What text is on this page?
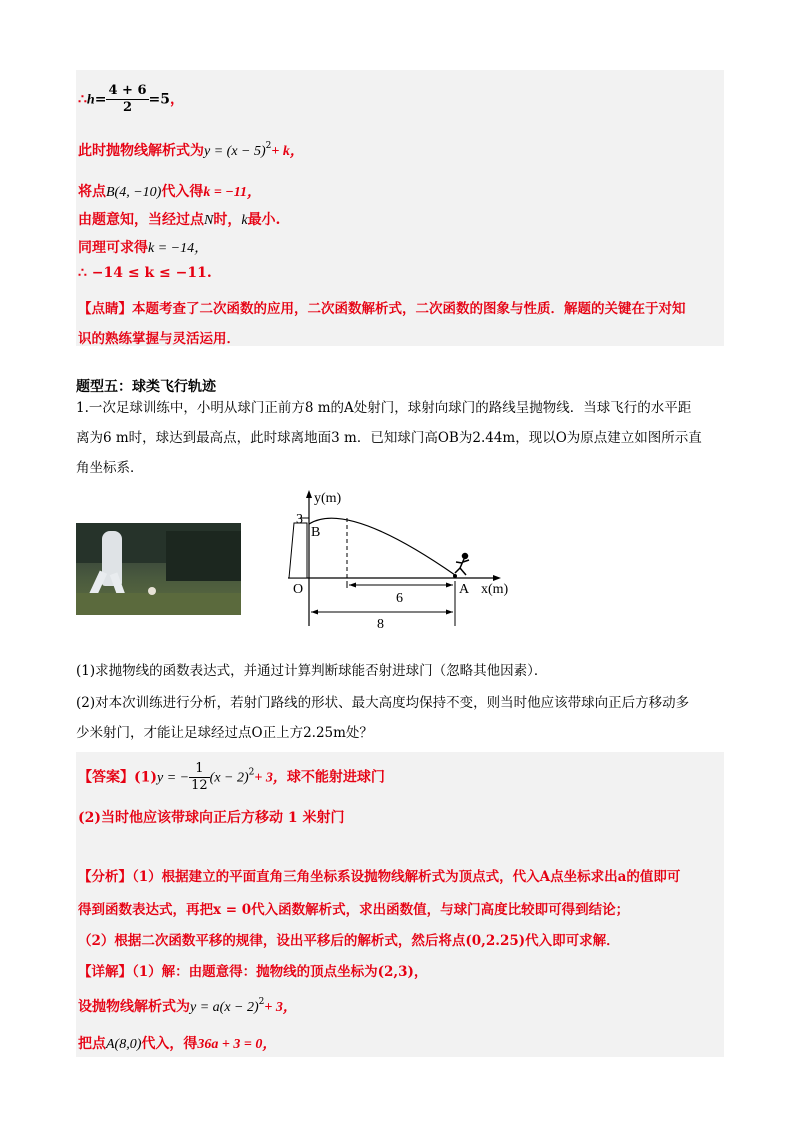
∴h= $\frac{4 + 6}{2} =5$，
此时抛物线解析式为$y = (x - 5)^2+ k$，
将点B(4, −10)代入得k = −11，
由题意知，当经过点N时，k最小.
同理可求得k = −14，
∴ −14 ≤ k ≤ −11.
【点睛】本题考查了二次函数的应用，二次函数解析式，二次函数的图象与性质．解题的关键在于对知
识的熟练掌握与灵活运用．
题型五：球类飞行轨迹
1.一次足球训练中，小明从球门正前方8 m的A处射门，球射向球门的路线呈抛物线．当球飞行的水平距
离为6 m时，球达到最高点，此时球离地面3 m．已知球门高OB为2.44m，现以O为原点建立如图所示直
角坐标系．
y(m)
x(m)
3
B
O	A
6
8
(1)求抛物线的函数表达式，并通过计算判断球能否射进球门（忽略其他因素）．
(2)对本次训练进行分析，若射门路线的形状、最大高度均保持不变，则当时他应该带球向正后方移动多
少米射门，才能让足球经过点O正上方2.25m处？
【答案】(1)y = − $\frac{1}{12} (x - 2)^2+ 3$，球不能射进球门
(2)当时他应该带球向正后方移动 1 米射门
【分析】（1）根据建立的平面直角三角坐标系设抛物线解析式为顶点式，代入A点坐标求出a的值即可
得到函数表达式，再把x = 0代入函数解析式，求出函数值，与球门高度比较即可得到结论；
（2）根据二次函数平移的规律，设出平移后的解析式，然后将点(0,2.25)代入即可求解．
【详解】（1）解：由题意得：抛物线的顶点坐标为(2,3)，
设抛物线解析式为$y = a(x - 2)^2+ 3$，
把点A(8,0)代入，得36a + 3 = 0，
